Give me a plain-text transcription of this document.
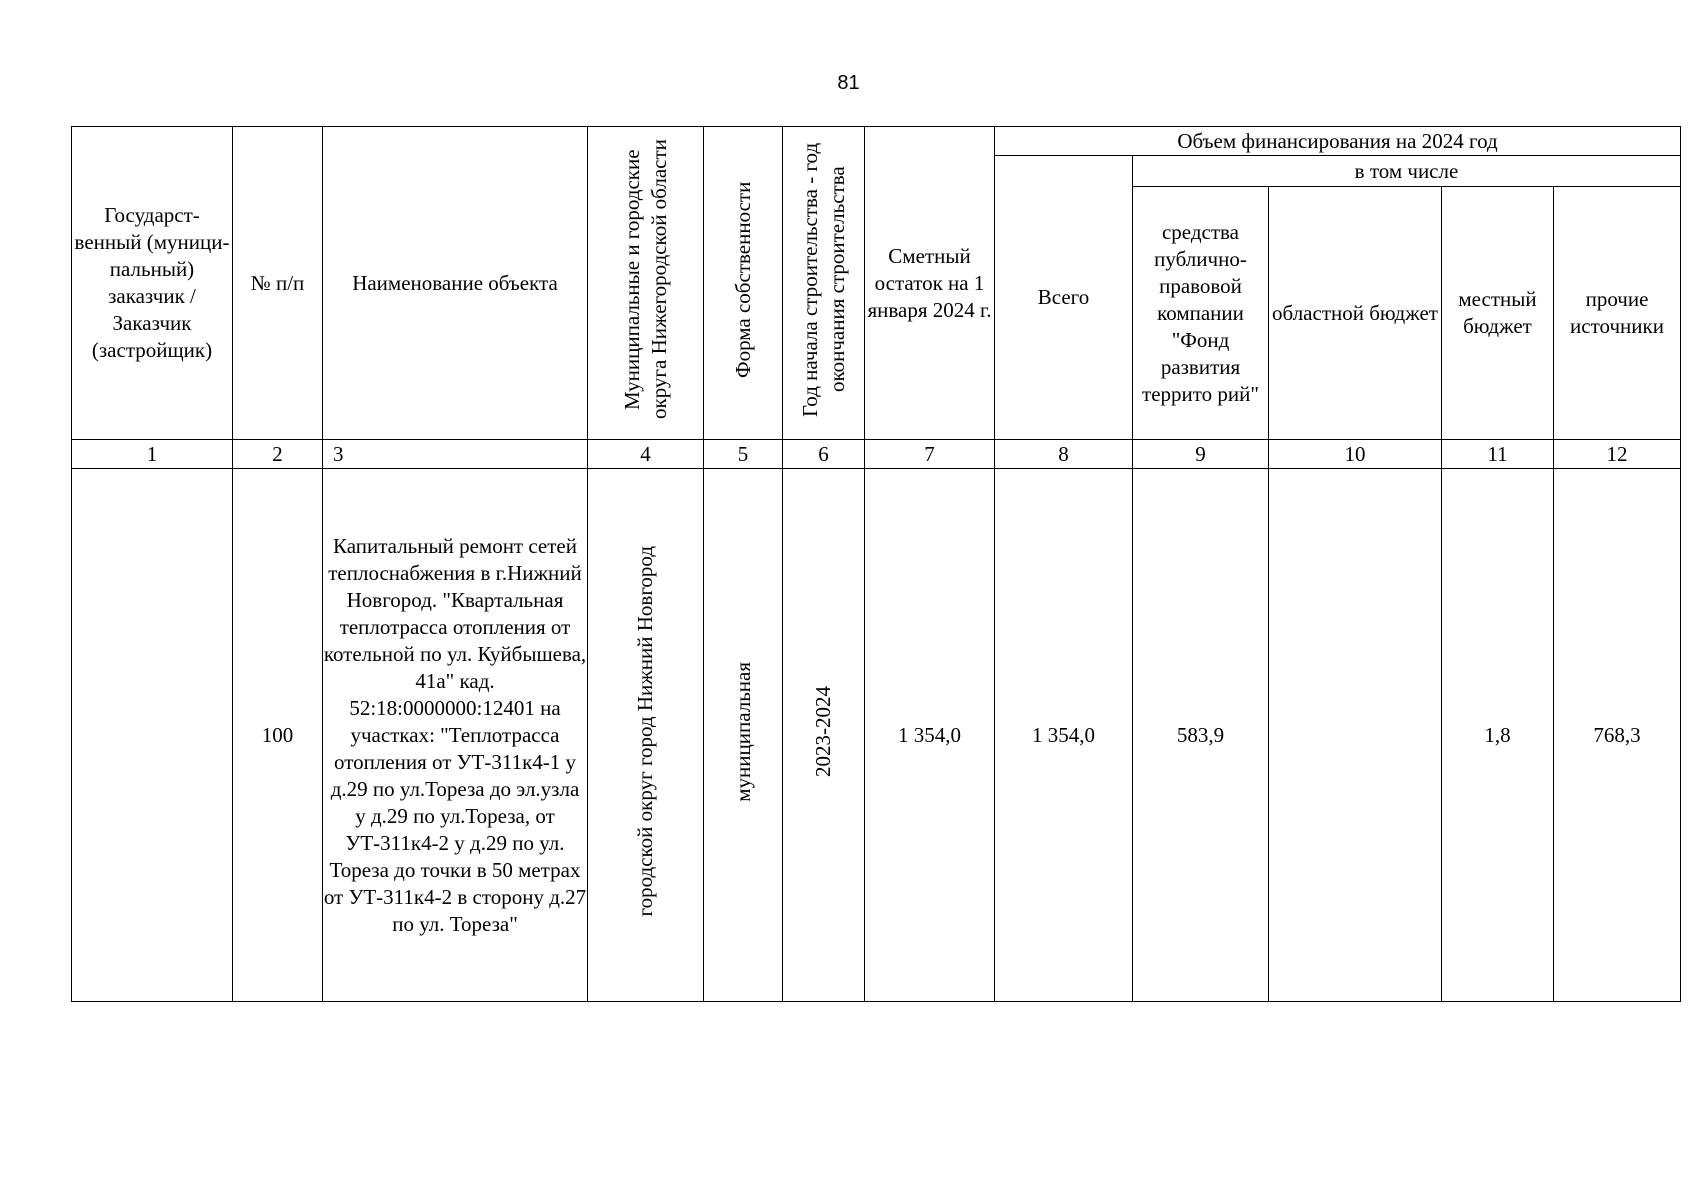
81
Государст-венный (муници-пальный) заказчик / Заказчик (застройщик)	№ п/п	Наименование объекта	Муниципальные и городские округа Нижегородской области	Форма собственности	Год начала строительства - год окончания строительства	Сметный остаток на 1 января 2024 г.	Объем финансирования на 2024 год				
							Всего	в том числе			
								средства публично-правовой компании "Фонд развития террито рий"	областной бюджет	местный бюджет	прочие источники
1	2	3	4	5	6	7	8	9	10	11	12
	100	Капитальный ремонт сетей теплоснабжения в г.Нижний Новгород. "Квартальная теплотрасса отопления от котельной по ул. Куйбышева, 41а" кад. 52:18:0000000:12401 на участках: "Теплотрасса отопления от УТ-311к4-1 у д.29 по ул.Тореза до эл.узла у д.29 по ул.Тореза, от УТ-311к4-2 у д.29 по ул. Тореза до точки в 50 метрах от УТ-311к4-2 в сторону д.27 по ул. Тореза"	городской округ город Нижний Новгород	муниципальная	2023-2024	1 354,0	1 354,0	583,9		1,8	768,3
